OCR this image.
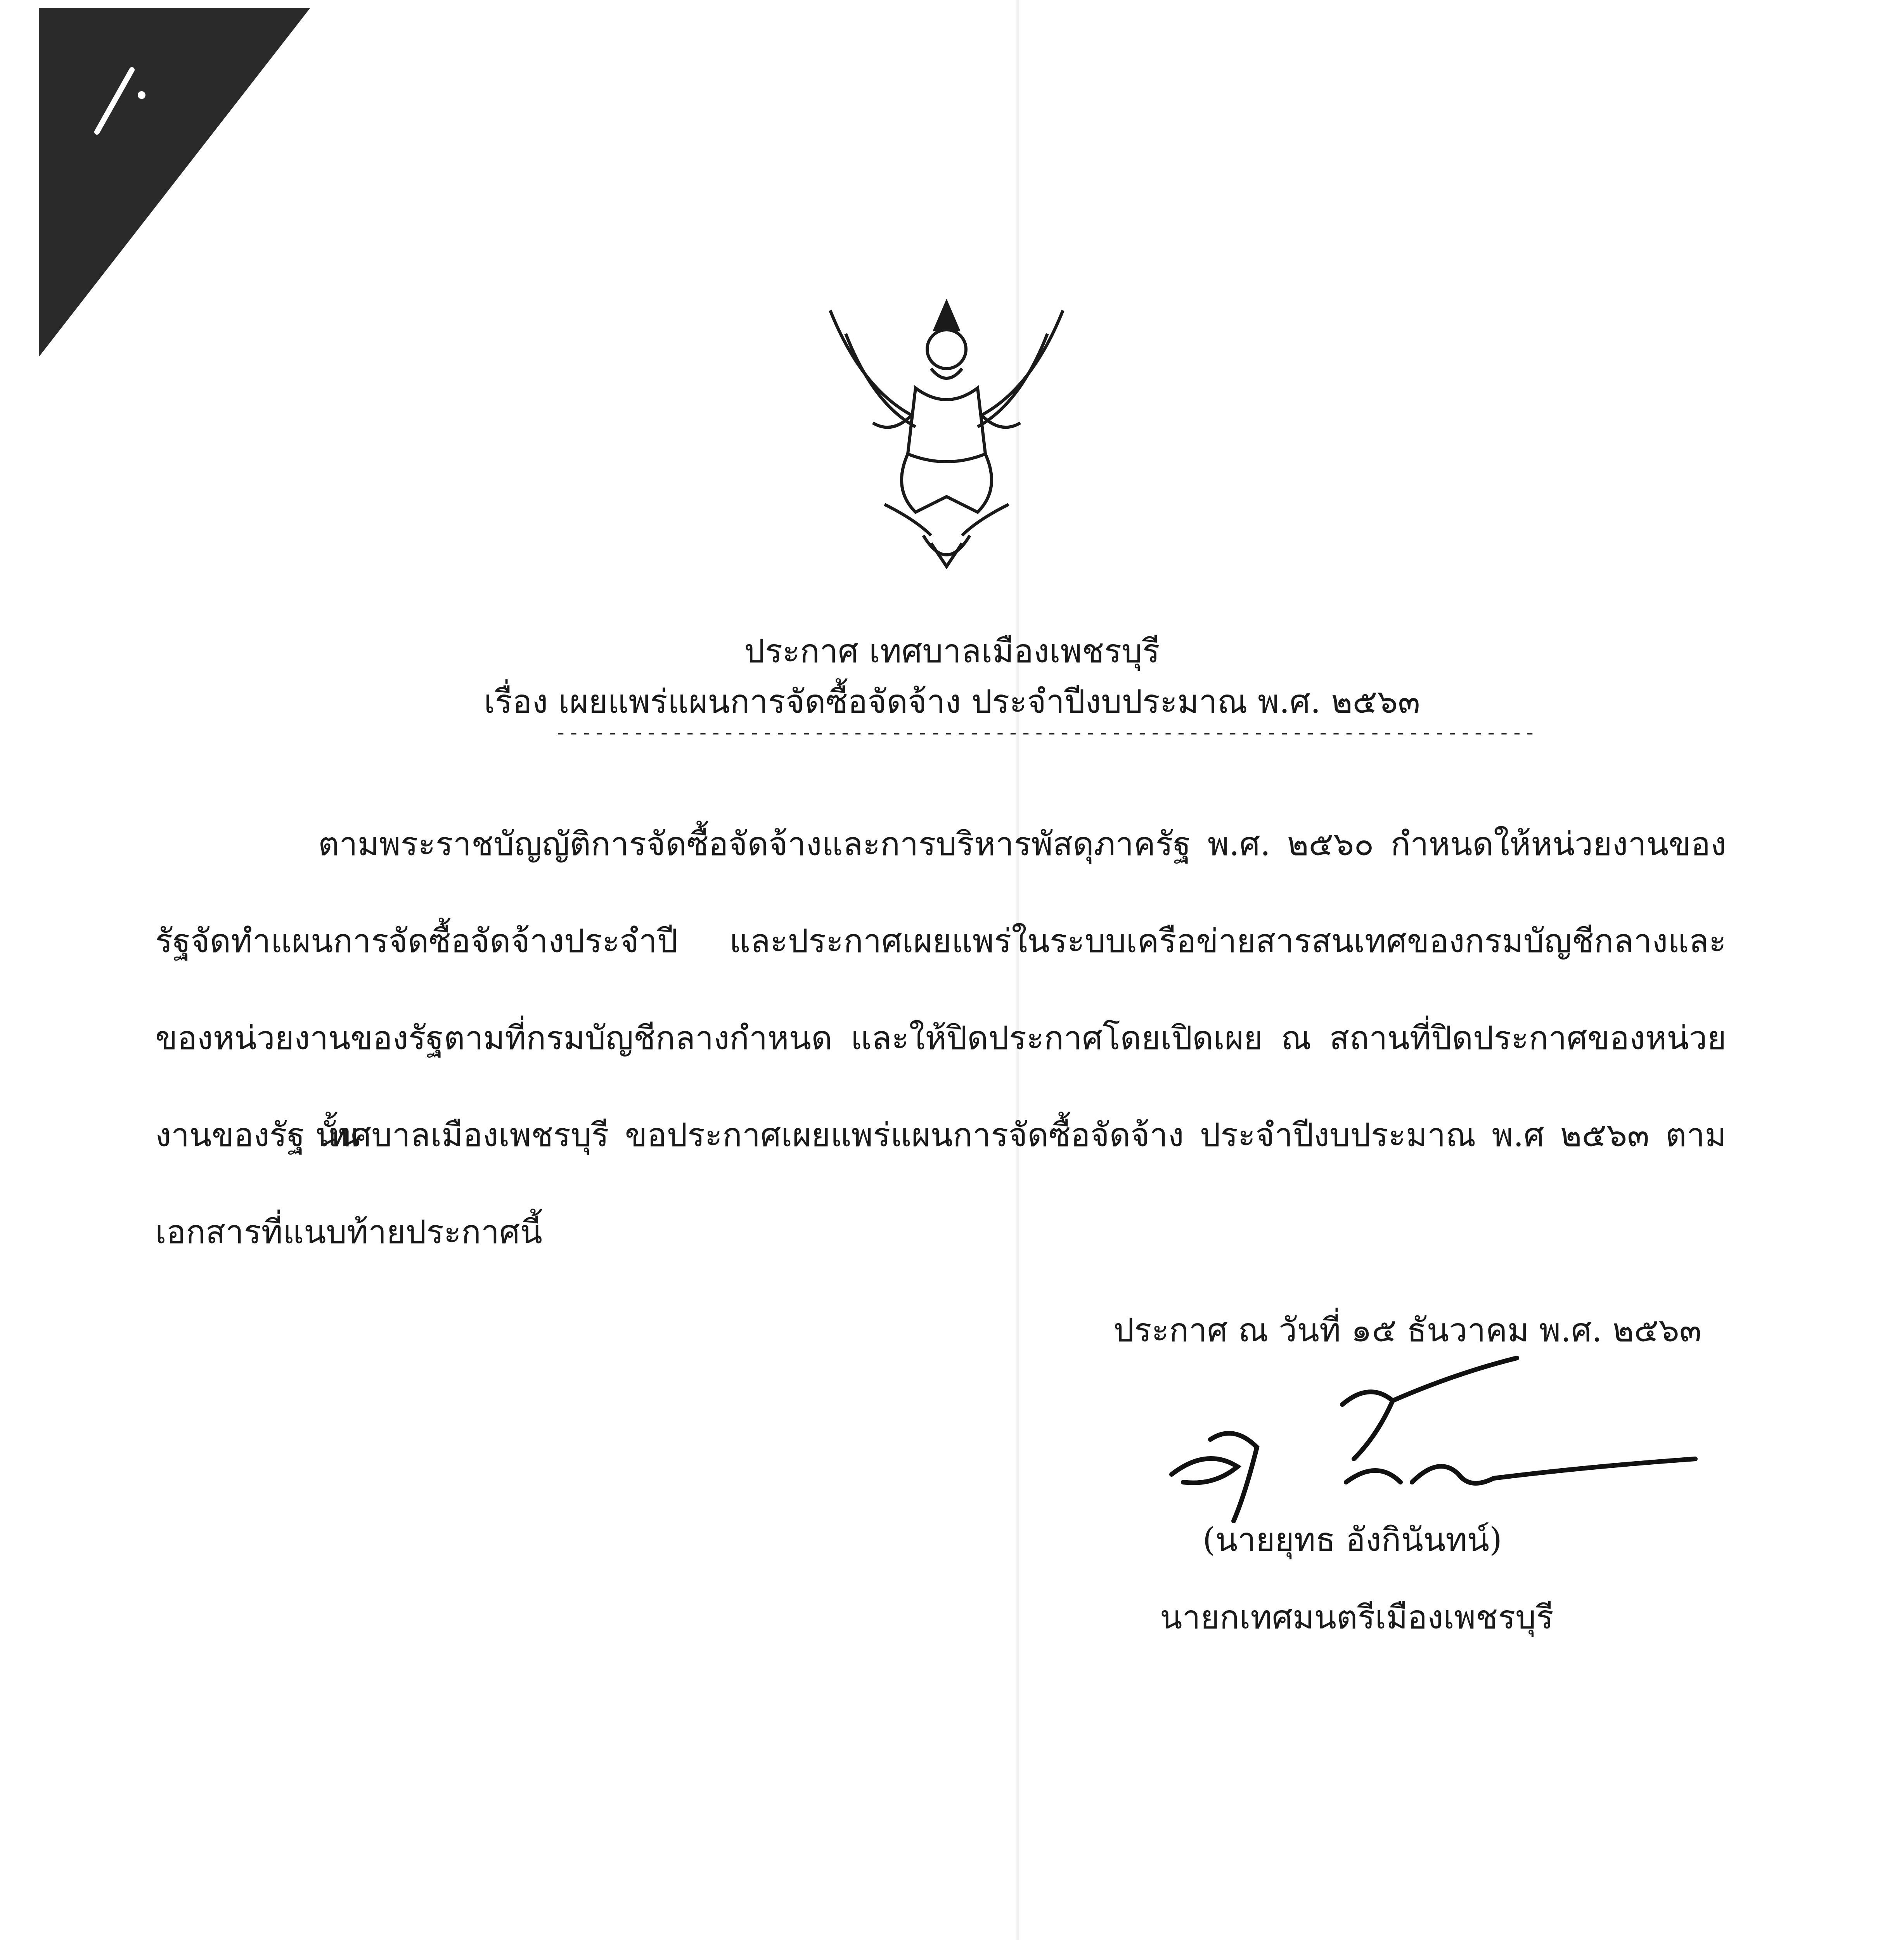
ประกาศ เทศบาลเมืองเพชรบุรี
เรื่อง เผยแพร่แผนการจัดซื้อจัดจ้าง ประจำปีงบประมาณ พ.ศ. ๒๕๖๓
----------------------------------------------------------------------------
ตามพระราชบัญญัติการจัดซื้อจัดจ้างและการบริหารพัสดุภาครัฐ พ.ศ. ๒๕๖๐ กำหนดให้หน่วยงานของรัฐจัดทำแผนการจัดซื้อจัดจ้างประจำปี และประกาศเผยแพร่ในระบบเครือข่ายสารสนเทศของกรมบัญชีกลางและของหน่วยงานของรัฐตามที่กรมบัญชีกลางกำหนด และให้ปิดประกาศโดยเปิดเผย ณ สถานที่ปิดประกาศของหน่วยงานของรัฐ นั้น
เทศบาลเมืองเพชรบุรี ขอประกาศเผยแพร่แผนการจัดซื้อจัดจ้าง ประจำปีงบประมาณ พ.ศ ๒๕๖๓ ตามเอกสารที่แนบท้ายประกาศนี้
ประกาศ ณ วันที่ ๑๕ ธันวาคม พ.ศ. ๒๕๖๓
(นายยุทธ อังกินันทน์)
นายกเทศมนตรีเมืองเพชรบุรี
